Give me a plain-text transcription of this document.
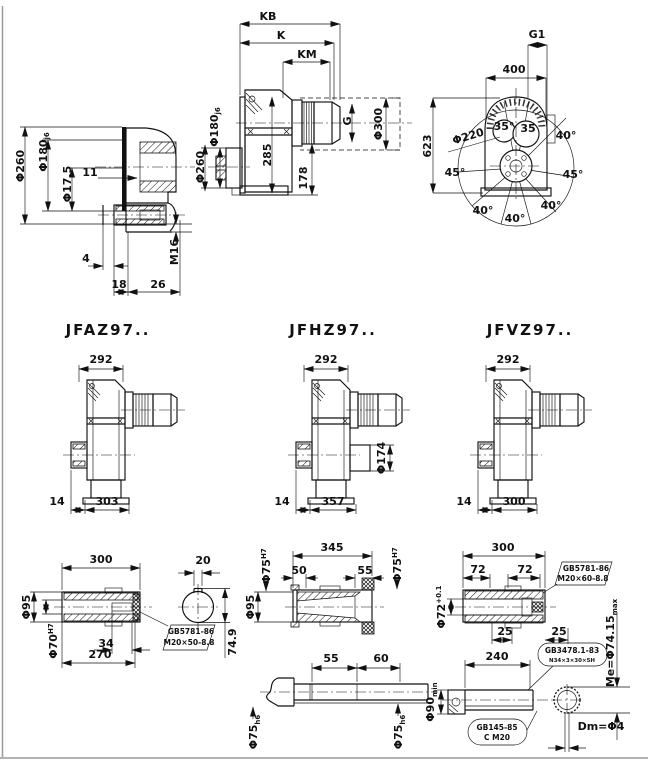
Φ260 Φ180j6
Φ17.5 11
M16
4
18 26
KB
K
KM
Φ180j6
Φ260	285
178
G Φ300
G1
400
623 Φ220 35° 35
40°
45°	45°
40°
40°
40°
JFAZ97..
292
14	303
JFHZ97..
292
Φ174
14	357
JFVZ97..
292
14	300
300
Φ95
$\Phi 70^{H7}$
34
270
20
74.9
GB5781-86
M20×50-8.8
345
50	55
$\Phi 75^{H7}$
$\Phi 75^{H7}$
Φ95
55	60
$\Phi 75_{h6}$
$\Phi 75_{h6}$
300
72	72
$\Phi 72^{+0.1}$
25	25
240
$\Phi 90_{min}$
$Me=\Phi 74.15_{max}$
Dm=Φ4
GB5781-86
M20×60-8.8
GB3478.1-83
N34×3×30×5H
GB145-85
C M20
